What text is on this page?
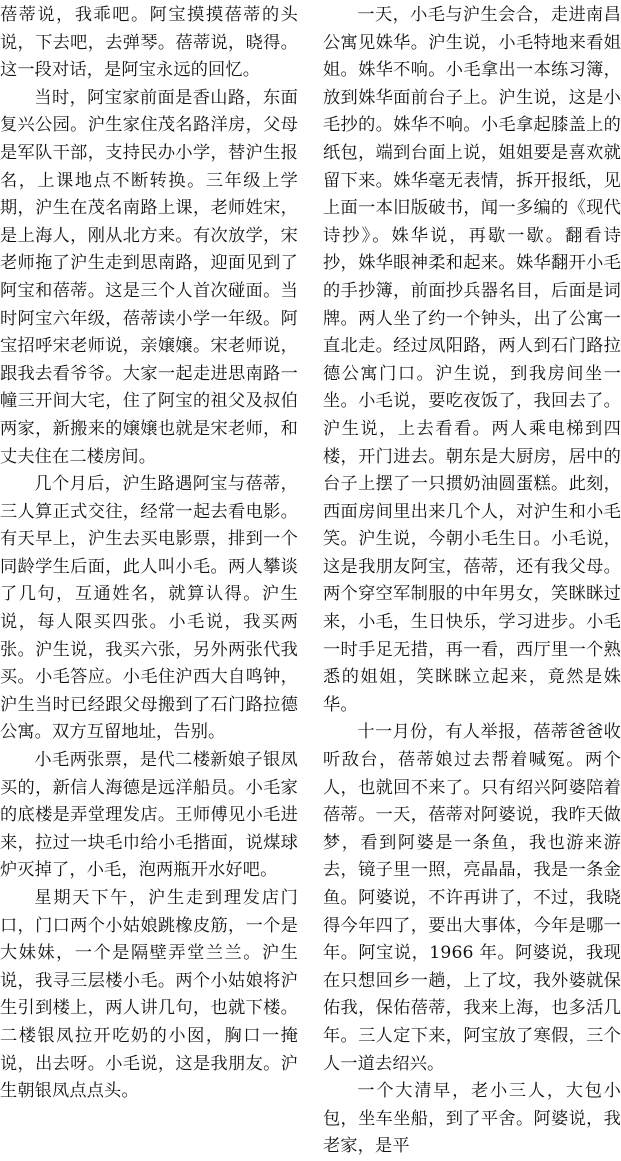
蓓蒂说，我乖吧。阿宝摸摸蓓蒂的头说，下去吧，去弹琴。蓓蒂说，晓得。这一段对话，是阿宝永远的回忆。

当时，阿宝家前面是香山路，东面复兴公园。沪生家住茂名路洋房，父母是军队干部，支持民办小学，替沪生报名，上课地点不断转换。三年级上学期，沪生在茂名南路上课，老师姓宋，是上海人，刚从北方来。有次放学，宋老师拖了沪生走到思南路，迎面见到了阿宝和蓓蒂。这是三个人首次碰面。当时阿宝六年级，蓓蒂读小学一年级。阿宝招呼宋老师说，亲嬢嬢。宋老师说，跟我去看爷爷。大家一起走进思南路一幢三开间大宅，住了阿宝的祖父及叔伯两家，新搬来的嬢嬢也就是宋老师，和丈夫住在二楼房间。

几个月后，沪生路遇阿宝与蓓蒂，三人算正式交往，经常一起去看电影。有天早上，沪生去买电影票，排到一个同龄学生后面，此人叫小毛。两人攀谈了几句，互通姓名，就算认得。沪生说，每人限买四张。小毛说，我买两张。沪生说，我买六张，另外两张代我买。小毛答应。小毛住沪西大自鸣钟，沪生当时已经跟父母搬到了石门路拉德公寓。双方互留地址，告别。

小毛两张票，是代二楼新娘子银凤买的，新信人海德是远洋船员。小毛家的底楼是弄堂理发店。王师傅见小毛进来，拉过一块毛巾给小毛揩面，说煤球炉灭掉了，小毛，泡两瓶开水好吧。

星期天下午，沪生走到理发店门口，门口两个小姑娘跳橡皮筋，一个是大妹妹，一个是隔壁弄堂兰兰。沪生说，我寻三层楼小毛。两个小姑娘将沪生引到楼上，两人讲几句，也就下楼。二楼银凤拉开吃奶的小囡，胸口一掩说，出去呀。小毛说，这是我朋友。沪生朝银凤点点头。

一天，小毛与沪生会合，走进南昌公寓见姝华。沪生说，小毛特地来看姐姐。姝华不响。小毛拿出一本练习簿，放到姝华面前台子上。沪生说，这是小毛抄的。姝华不响。小毛拿起膝盖上的纸包，端到台面上说，姐姐要是喜欢就留下来。姝华毫无表情，拆开报纸，见上面一本旧版破书，闻一多编的《现代诗抄》。姝华说，再歇一歇。翻看诗抄，姝华眼神柔和起来。姝华翻开小毛的手抄簿，前面抄兵器名目，后面是词牌。两人坐了约一个钟头，出了公寓一直北走。经过凤阳路，两人到石门路拉德公寓门口。沪生说，到我房间坐一坐。小毛说，要吃夜饭了，我回去了。沪生说，上去看看。两人乘电梯到四楼，开门进去。朝东是大厨房，居中的台子上摆了一只掼奶油圆蛋糕。此刻，西面房间里出来几个人，对沪生和小毛笑。沪生说，今朝小毛生日。小毛说，这是我朋友阿宝，蓓蒂，还有我父母。两个穿空军制服的中年男女，笑眯眯过来，小毛，生日快乐，学习进步。小毛一时手足无措，再一看，西厅里一个熟悉的姐姐，笑眯眯立起来，竟然是姝华。

十一月份，有人举报，蓓蒂爸爸收听敌台，蓓蒂娘过去帮着喊冤。两个人，也就回不来了。只有绍兴阿婆陪着蓓蒂。一天，蓓蒂对阿婆说，我昨天做梦，看到阿婆是一条鱼，我也游来游去，镜子里一照，亮晶晶，我是一条金鱼。阿婆说，不许再讲了，不过，我晓得今年四了，要出大事体，今年是哪一年。阿宝说，1966 年。阿婆说，我现在只想回乡一趟，上了坟，我外婆就保佑我，保佑蓓蒂，我来上海，也多活几年。三人定下来，阿宝放了寒假，三个人一道去绍兴。

一个大清早，老小三人，大包小包，坐车坐船，到了平舍。阿婆说，我老家，是平
